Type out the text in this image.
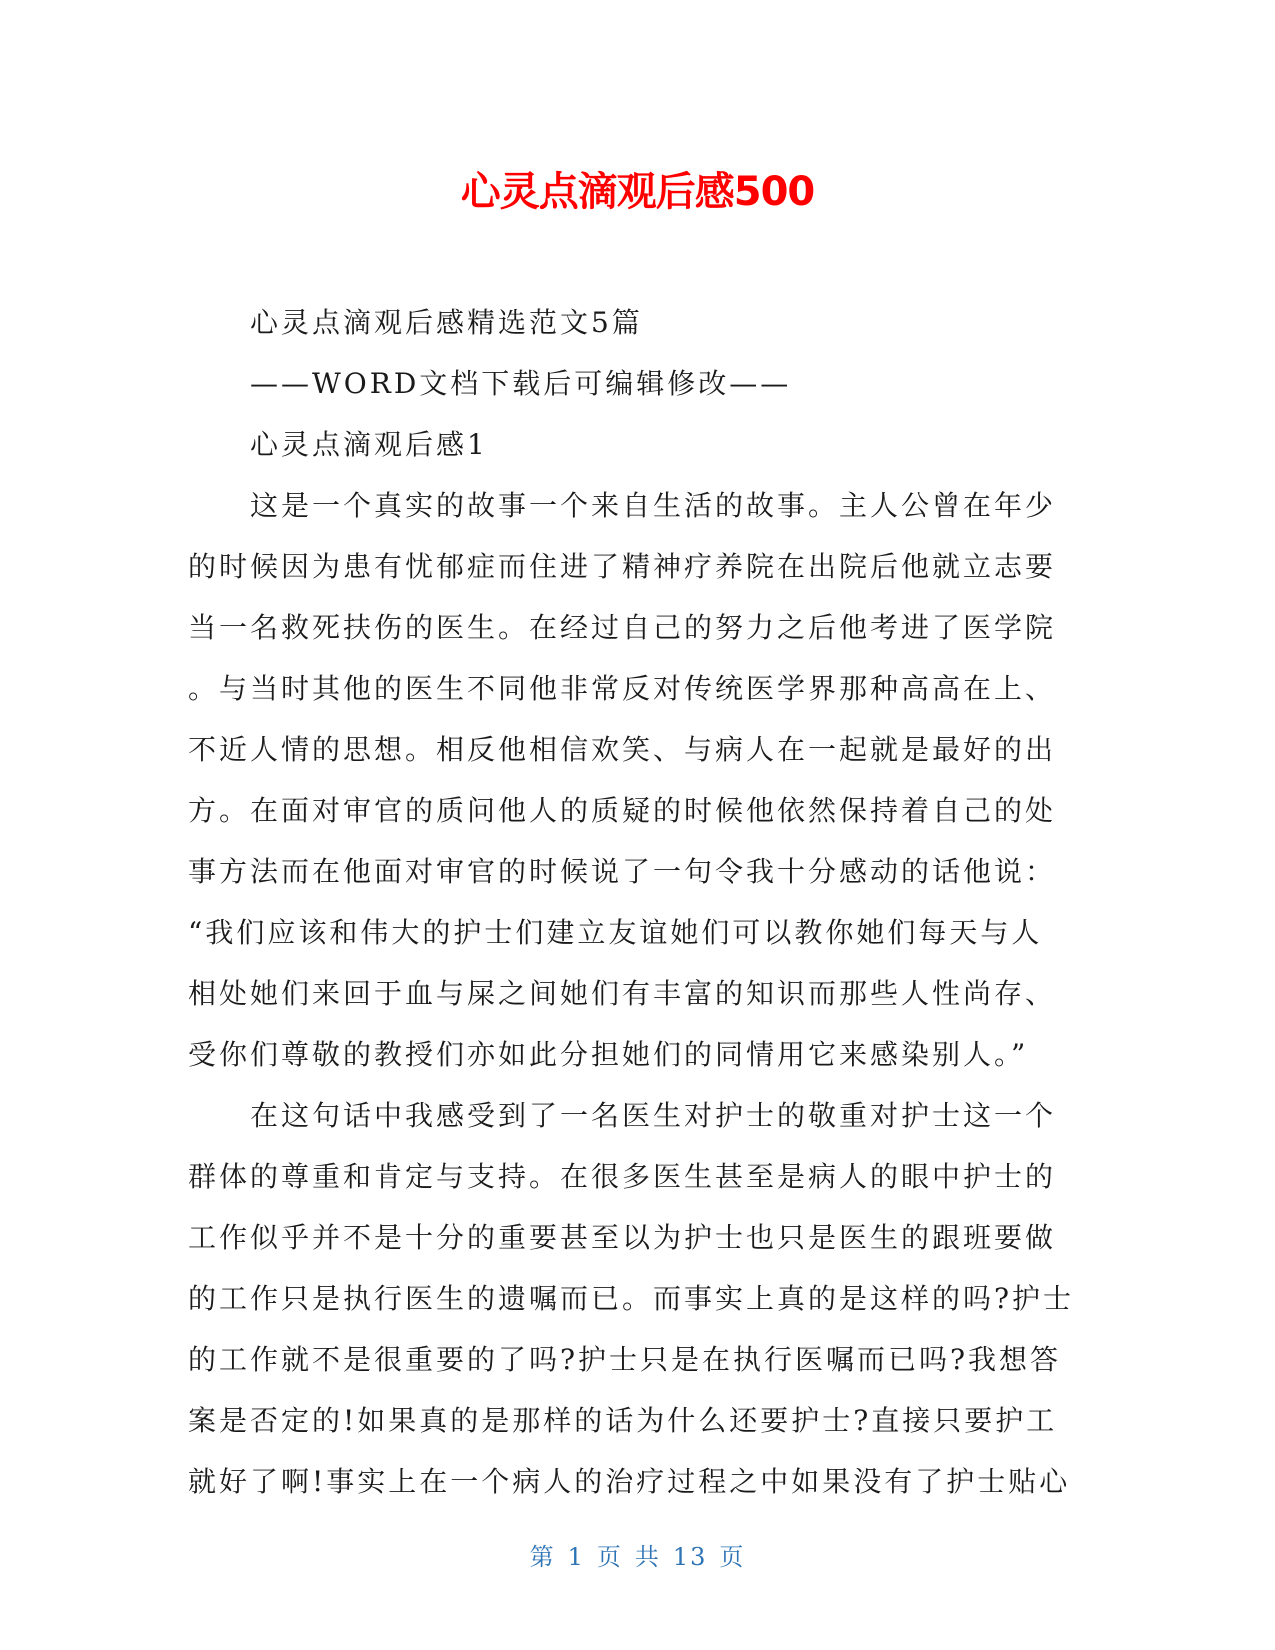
心灵点滴观后感500
心灵点滴观后感精选范文5篇
——WORD文档下载后可编辑修改——
心灵点滴观后感1
这是一个真实的故事一个来自生活的故事。主人公曾在年少
的时候因为患有忧郁症而住进了精神疗养院在出院后他就立志要
当一名救死扶伤的医生。在经过自己的努力之后他考进了医学院
。与当时其他的医生不同他非常反对传统医学界那种高高在上、
不近人情的思想。相反他相信欢笑、与病人在一起就是最好的出
方。在面对审官的质问他人的质疑的时候他依然保持着自己的处
事方法而在他面对审官的时候说了一句令我十分感动的话他说：
“我们应该和伟大的护士们建立友谊她们可以教你她们每天与人
相处她们来回于血与屎之间她们有丰富的知识而那些人性尚存、
受你们尊敬的教授们亦如此分担她们的同情用它来感染别人。”
在这句话中我感受到了一名医生对护士的敬重对护士这一个
群体的尊重和肯定与支持。在很多医生甚至是病人的眼中护士的
工作似乎并不是十分的重要甚至以为护士也只是医生的跟班要做
的工作只是执行医生的遗嘱而已。而事实上真的是这样的吗?护士
的工作就不是很重要的了吗?护士只是在执行医嘱而已吗?我想答
案是否定的!如果真的是那样的话为什么还要护士?直接只要护工
就好了啊!事实上在一个病人的治疗过程之中如果没有了护士贴心
第 1 页 共 13 页
